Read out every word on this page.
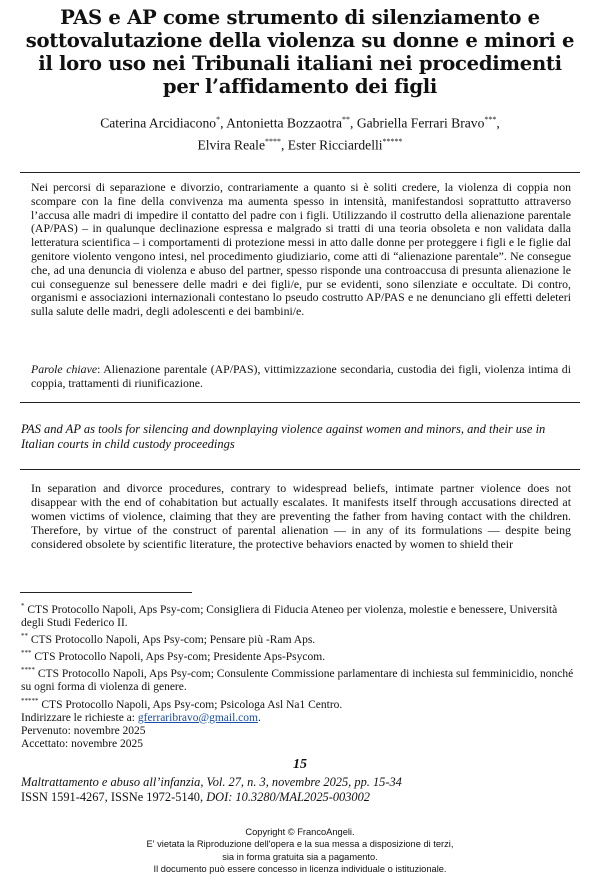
PAS e AP come strumento di silenziamento e sottovalutazione della violenza su donne e minori e il loro uso nei Tribunali italiani nei procedimenti per l’affidamento dei figli
Caterina Arcidiacono*, Antonietta Bozzaotra**, Gabriella Ferrari Bravo***,
Elvira Reale****, Ester Ricciardelli*****

Nei percorsi di separazione e divorzio, contrariamente a quanto si è soliti credere, la violenza di coppia non scompare con la fine della convivenza ma aumenta spesso in intensità, manifestandosi soprattutto attraverso l’accusa alle madri di impedire il contatto del padre con i figli. Utilizzando il costrutto della alienazione parentale (AP/PAS) – in qualunque declinazione espressa e malgrado si tratti di una teoria obsoleta e non validata dalla letteratura scientifica – i comportamenti di protezione messi in atto dalle donne per proteggere i figli e le figlie dal genitore violento vengono intesi, nel procedimento giudiziario, come atti di “alienazione parentale”. Ne consegue che, ad una denuncia di violenza e abuso del partner, spesso risponde una controaccusa di presunta alienazione le cui conseguenze sul benessere delle madri e dei figli/e, pur se evidenti, sono silenziate e occultate. Di contro, organismi e associazioni internazionali contestano lo pseudo costrutto AP/PAS e ne denunciano gli effetti deleteri sulla salute delle madri, degli adolescenti e dei bambini/e.

Parole chiave: Alienazione parentale (AP/PAS), vittimizzazione secondaria, custodia dei figli, violenza intima di coppia, trattamenti di riunificazione.

PAS and AP as tools for silencing and downplaying violence against women and minors, and their use in Italian courts in child custody proceedings

In separation and divorce procedures, contrary to widespread beliefs, intimate partner violence does not disappear with the end of cohabitation but actually escalates. It manifests itself through accusations directed at women victims of violence, claiming that they are preventing the father from having contact with the children. Therefore, by virtue of the construct of parental alienation — in any of its formulations — despite being considered obsolete by scientific literature, the protective behaviors enacted by women to shield their

* CTS Protocollo Napoli, Aps Psy-com; Consigliera di Fiducia Ateneo per violenza, molestie e benessere, Università degli Studi Federico II.

** CTS Protocollo Napoli, Aps Psy-com; Pensare più -Ram Aps.

*** CTS Protocollo Napoli, Aps Psy-com; Presidente Aps-Psycom.

**** CTS Protocollo Napoli, Aps Psy-com; Consulente Commissione parlamentare di inchiesta sul femminicidio, nonché su ogni forma di violenza di genere.

***** CTS Protocollo Napoli, Aps Psy-com; Psicologa Asl Na1 Centro.

Indirizzare le richieste a: gferraribravo@gmail.com.

Pervenuto: novembre 2025

Accettato: novembre 2025

15

Maltrattamento e abuso all’infanzia, Vol. 27, n. 3, novembre 2025, pp. 15-34

ISSN 1591-4267, ISSNe 1972-5140, DOI: 10.3280/MAL2025-003002

Copyright © FrancoAngeli.

E' vietata la Riproduzione dell'opera e la sua messa a disposizione di terzi,

sia in forma gratuita sia a pagamento.

Il documento può essere concesso in licenza individuale o istituzionale.
